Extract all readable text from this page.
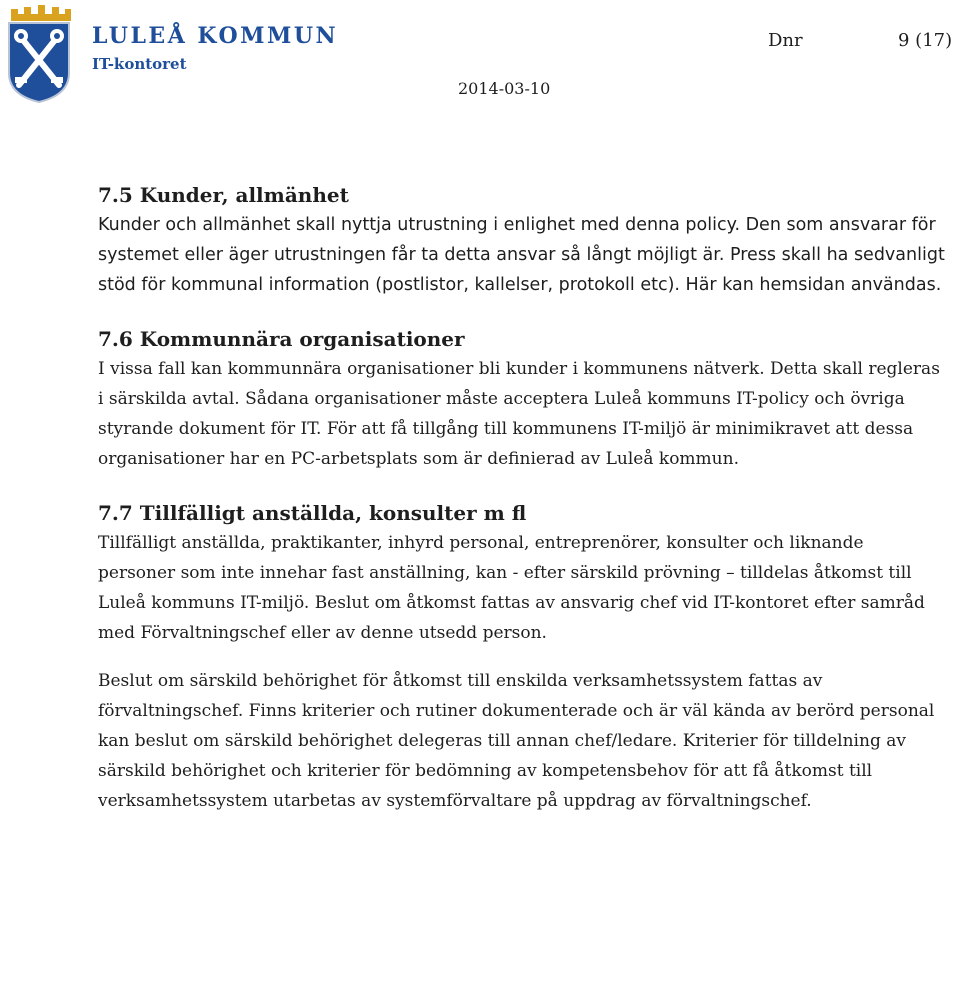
LULEÅ KOMMUN
IT-kontoret
Dnr	9 (17)
2014-03-10
7.5 Kunder, allmänhet

Kunder och allmänhet skall nyttja utrustning i enlighet med denna policy. Den som ansvarar för systemet eller äger utrustningen får ta detta ansvar så långt möjligt är. Press skall ha sedvanligt stöd för kommunal information (postlistor, kallelser, protokoll etc). Här kan hemsidan användas.

7.6 Kommunnära organisationer

I vissa fall kan kommunnära organisationer bli kunder i kommunens nätverk. Detta skall regleras i särskilda avtal. Sådana organisationer måste acceptera Luleå kommuns IT-policy och övriga styrande dokument för IT. För att få tillgång till kommunens IT-miljö är minimikravet att dessa organisationer har en PC-arbetsplats som är definierad av Luleå kommun.

7.7 Tillfälligt anställda, konsulter m fl

Tillfälligt anställda, praktikanter, inhyrd personal, entreprenörer, konsulter och liknande personer som inte innehar fast anställning, kan - efter särskild prövning – tilldelas åtkomst till Luleå kommuns IT-miljö. Beslut om åtkomst fattas av ansvarig chef vid IT-kontoret efter samråd med Förvaltningschef eller av denne utsedd person.

Beslut om särskild behörighet för åtkomst till enskilda verksamhetssystem fattas av förvaltningschef. Finns kriterier och rutiner dokumenterade och är väl kända av berörd personal kan beslut om särskild behörighet delegeras till annan chef/ledare. Kriterier för tilldelning av särskild behörighet och kriterier för bedömning av kompetensbehov för att få åtkomst till verksamhetssystem utarbetas av systemförvaltare på uppdrag av förvaltningschef.
